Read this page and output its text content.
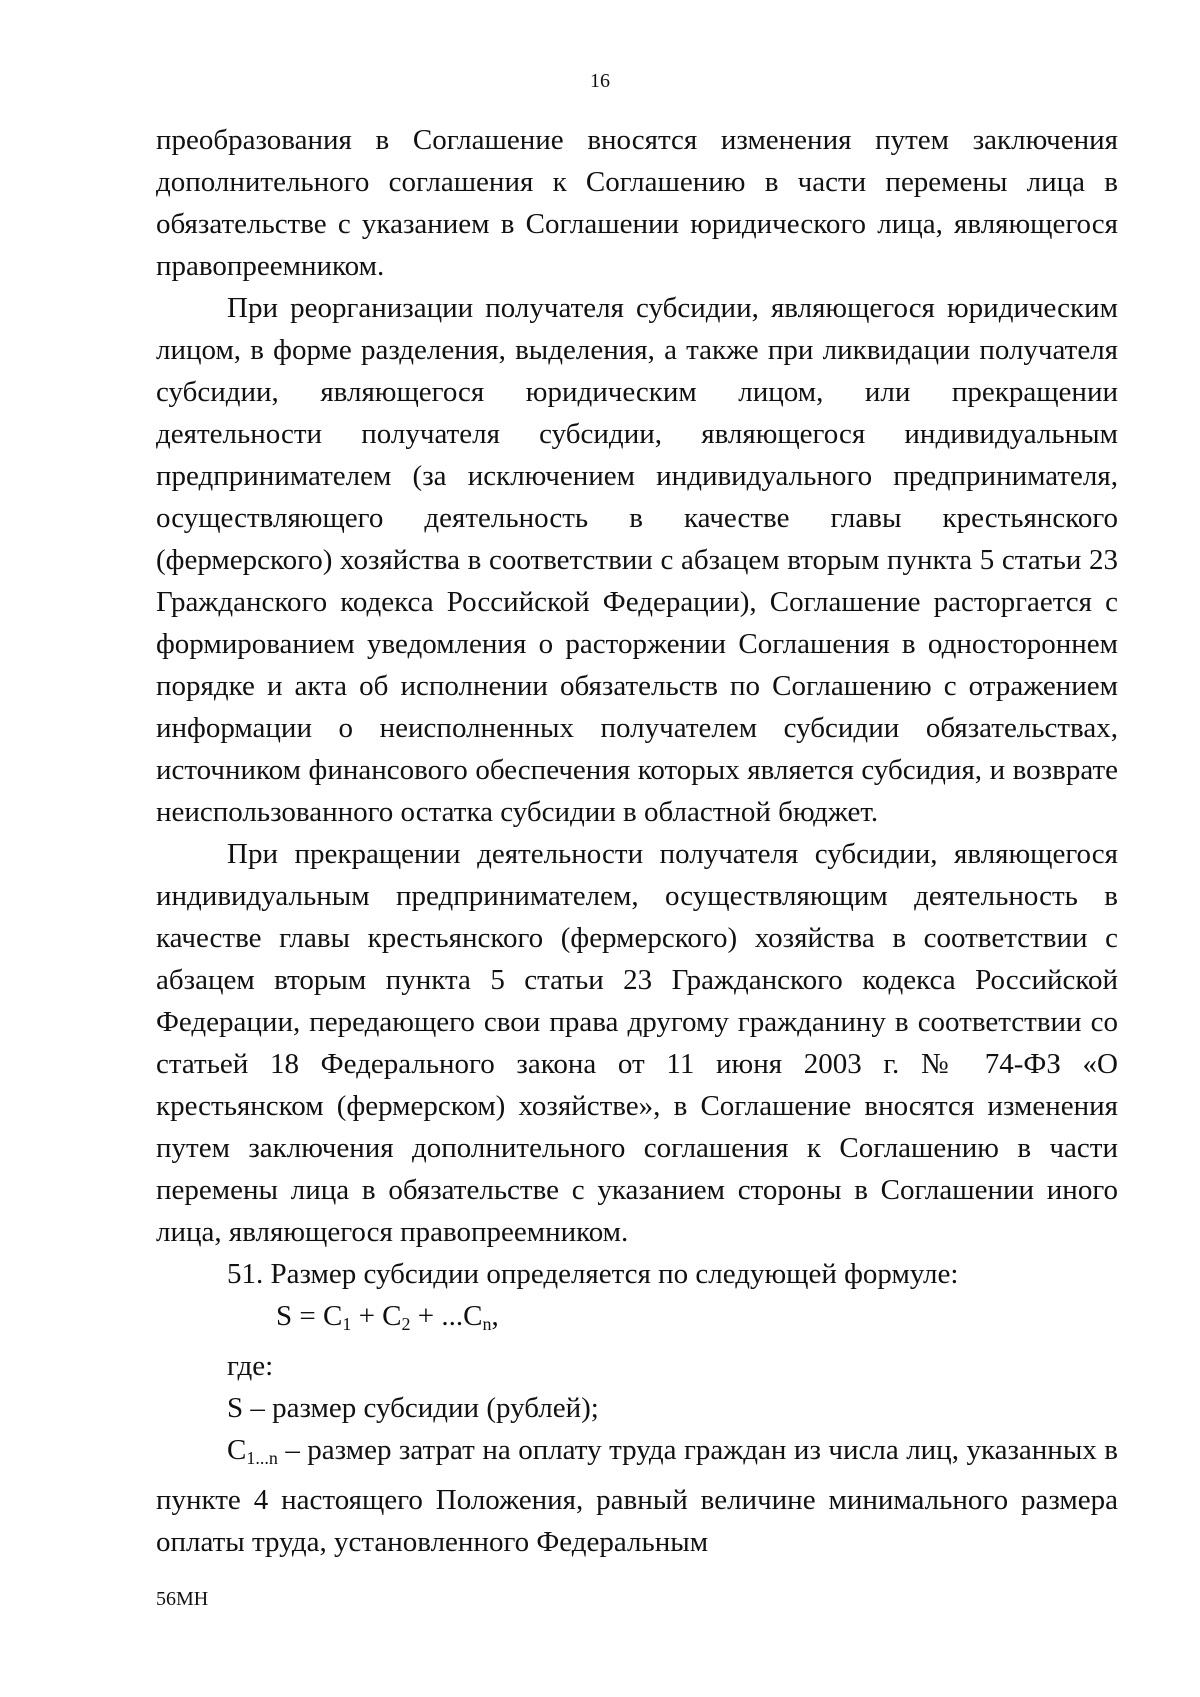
16

преобразования в Соглашение вносятся изменения путем заключения дополнительного соглашения к Соглашению в части перемены лица в обязательстве с указанием в Соглашении юридического лица, являющегося правопреемником.

При реорганизации получателя субсидии, являющегося юридическим лицом, в форме разделения, выделения, а также при ликвидации получателя субсидии, являющегося юридическим лицом, или прекращении деятельности получателя субсидии, являющегося индивидуальным предпринимателем (за исключением индивидуального предпринимателя, осуществляющего деятельность в качестве главы крестьянского (фермерского) хозяйства в соответствии с абзацем вторым пункта 5 статьи 23 Гражданского кодекса Российской Федерации), Соглашение расторгается с формированием уведомления о расторжении Соглашения в одностороннем порядке и акта об исполнении обязательств по Соглашению с отражением информации о неисполненных получателем субсидии обязательствах, источником финансового обеспечения которых является субсидия, и возврате неиспользованного остатка субсидии в областной бюджет.

При прекращении деятельности получателя субсидии, являющегося индивидуальным предпринимателем, осуществляющим деятельность в качестве главы крестьянского (фермерского) хозяйства в соответствии с абзацем вторым пункта 5 статьи 23 Гражданского кодекса Российской Федерации, передающего свои права другому гражданину в соответствии со статьей 18 Федерального закона от 11 июня 2003 г. № 74-ФЗ «О крестьянском (фермерском) хозяйстве», в Соглашение вносятся изменения путем заключения дополнительного соглашения к Соглашению в части перемены лица в обязательстве с указанием стороны в Соглашении иного лица, являющегося правопреемником.

51. Размер субсидии определяется по следующей формуле:

$S = C_1 + C_2 + ...C_n$,

где:

S – размер субсидии (рублей);

$C_{1...n}$ – размер затрат на оплату труда граждан из числа лиц, указанных в пункте 4 настоящего Положения, равный величине минимального размера оплаты труда, установленного Федеральным

56МН
